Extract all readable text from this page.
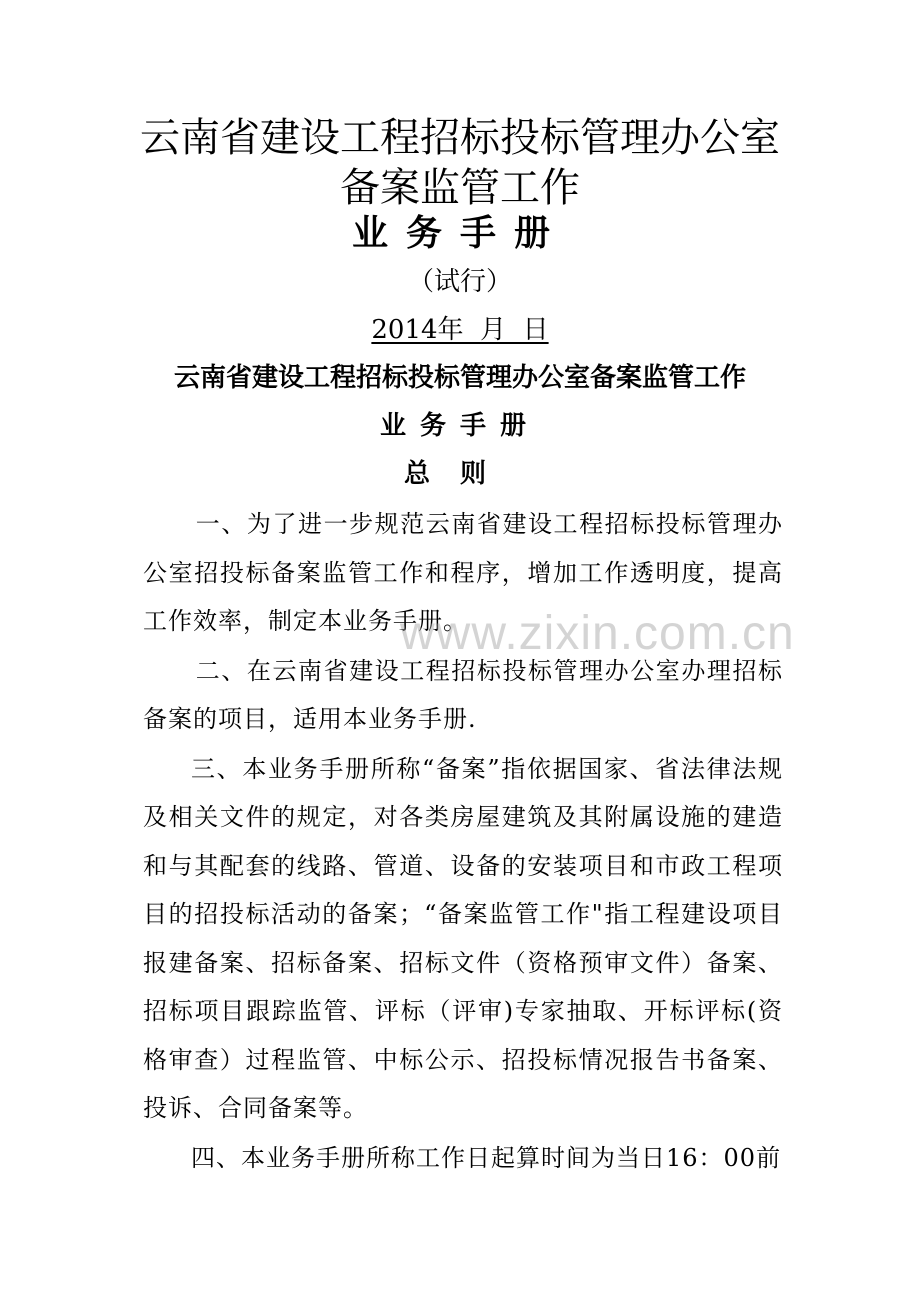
云南省建设工程招标投标管理办公室
备案监管工作
业务手册
（试行）
2014年  月  日
云南省建设工程招标投标管理办公室备案监管工作
业务手册
总则

一、为了进一步规范云南省建设工程招标投标管理办公室招投标备案监管工作和程序，增加工作透明度，提高工作效率，制定本业务手册。

二、在云南省建设工程招标投标管理办公室办理招标备案的项目，适用本业务手册.

三、本业务手册所称“备案”指依据国家、省法律法规及相关文件的规定，对各类房屋建筑及其附属设施的建造和与其配套的线路、管道、设备的安装项目和市政工程项目的招投标活动的备案；“备案监管工作"指工程建设项目报建备案、招标备案、招标文件（资格预审文件）备案、招标项目跟踪监管、评标（评审)专家抽取、开标评标(资格审查）过程监管、中标公示、招投标情况报告书备案、投诉、合同备案等。

四、本业务手册所称工作日起算时间为当日16：00前

www.zixin.com.cn
